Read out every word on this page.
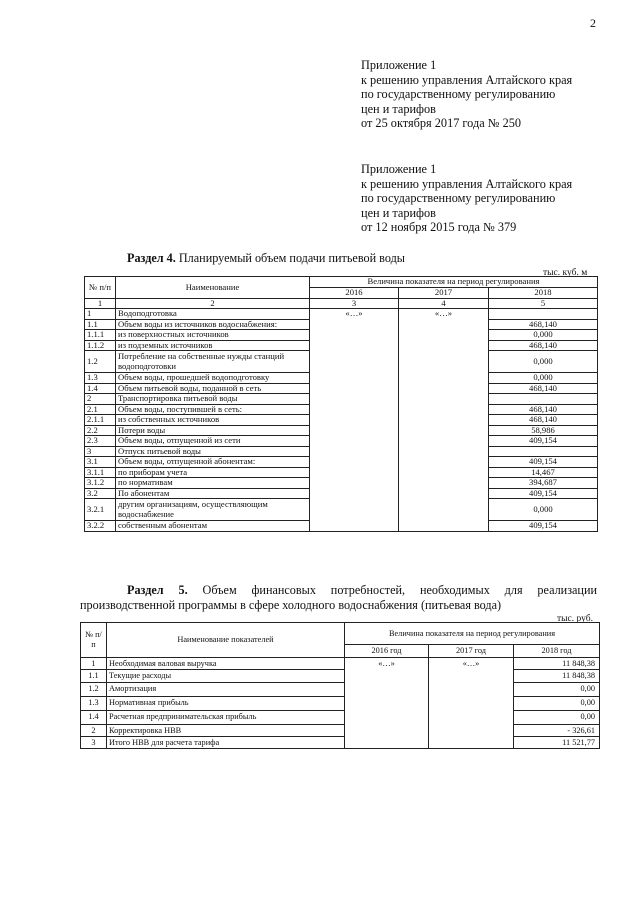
2
Приложение 1
к решению управления Алтайского края
по государственному регулированию
цен и тарифов
от 25 октября 2017 года № 250
Приложение 1
к решению управления Алтайского края
по государственному регулированию
цен и тарифов
от 12 ноября 2015 года № 379
Раздел 4. Планируемый объем подачи питьевой воды
тыс. куб. м
№ п/п	Наименование	Величина показателя на период регулирования		
		2016	2017	2018
1	2	3	4	5
1	Водоподготовка	«…»	«…»	
1.1	Объем воды из источников водоснабжения:			468,140
1.1.1	из поверхностных источников			0,000
1.1.2	из подземных источников			468,140
1.2	Потребление на собственные нужды станций водоподготовки			0,000
1.3	Объем воды, прошедшей водоподготовку			0,000
1.4	Объем питьевой воды, поданной в сеть			468,140
2	Транспортировка питьевой воды			
2.1	Объем воды, поступившей в сеть:			468,140
2.1.1	из собственных источников			468,140
2.2	Потери воды			58,986
2.3	Объем воды, отпущенной из сети			409,154
3	Отпуск питьевой воды			
3.1	Объем воды, отпущенной абонентам:			409,154
3.1.1	по приборам учета			14,467
3.1.2	по нормативам			394,687
3.2	По абонентам			409,154
3.2.1	другим организациям, осуществляющим водоснабжение			0,000
3.2.2	собственным абонентам			409,154
Раздел 5. Объем финансовых потребностей, необходимых для реализации производственной программы в сфере холодного водоснабжения (питьевая вода)
тыс. руб.
№ п/ п	Наименование показателей	Величина показателя на период регулирования		
		2016 год	2017 год	2018 год
1	Необходимая валовая выручка	«…»	«…»	11 848,38
1.1	Текущие расходы			11 848,38
1.2	Амортизация			0,00
1.3	Нормативная прибыль			0,00
1.4	Расчетная предпринимательская прибыль			0,00
2	Корректировка НВВ			- 326,61
3	Итого НВВ для расчета тарифа			11 521,77
